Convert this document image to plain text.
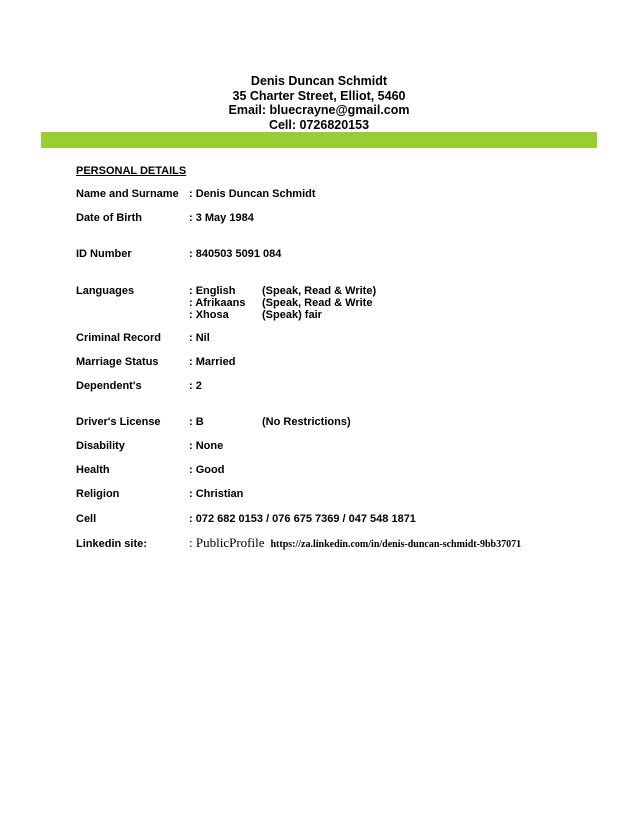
Denis Duncan Schmidt
35 Charter Street, Elliot, 5460
Email: bluecrayne@gmail.com
Cell: 0726820153
PERSONAL DETAILS
Name and Surname : Denis Duncan Schmidt
Date of Birth	: 3 May 1984
ID Number	: 840503 5091 084
Languages	: English (Speak, Read & Write)
: Afrikaans (Speak, Read & Write
: Xhosa	(Speak) fair
Criminal Record	: Nil
Marriage Status	: Married
Dependent's	: 2
Driver's License	: B	(No Restrictions)
Disability	: None
Health	: Good
Religion	: Christian
Cell	: 072 682 0153 / 076 675 7369 / 047 548 1871
Linkedin site:	: PublicProfile https://za.linkedin.com/in/denis-duncan-schmidt-9bb37071
